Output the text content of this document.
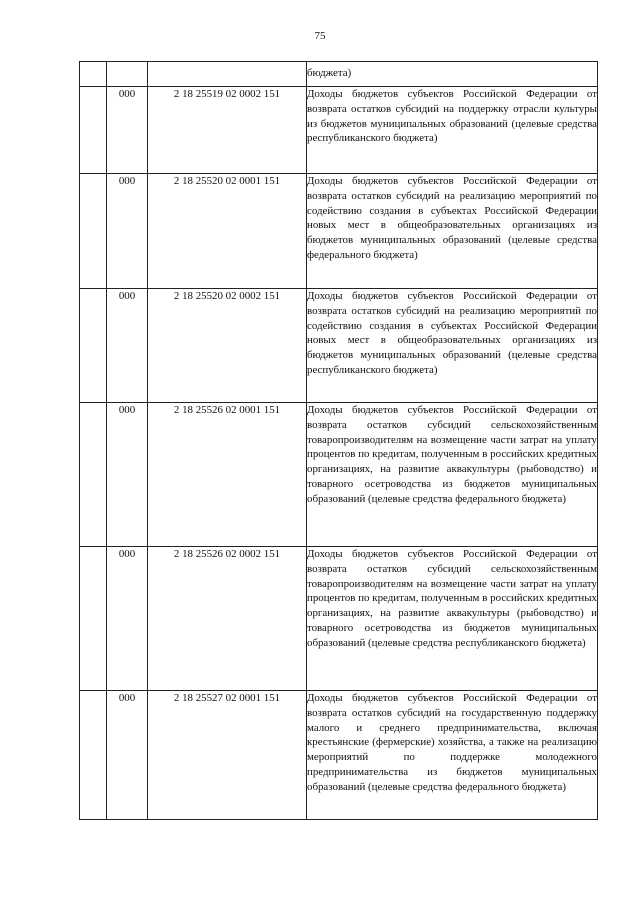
75
			бюджета)
	000	2 18 25519 02 0002 151	Доходы бюджетов субъектов Российской Федерации от возврата остатков субсидий на поддержку отрасли культуры из бюджетов муниципальных образований (целевые средства республиканского бюджета)
	000	2 18 25520 02 0001 151	Доходы бюджетов субъектов Российской Федерации от возврата остатков субсидий на реализацию мероприятий по содействию создания в субъектах Российской Федерации новых мест в общеобразовательных организациях из бюджетов муниципальных образований (целевые средства федерального бюджета)
	000	2 18 25520 02 0002 151	Доходы бюджетов субъектов Российской Федерации от возврата остатков субсидий на реализацию мероприятий по содействию создания в субъектах Российской Федерации новых мест в общеобразовательных организациях из бюджетов муниципальных образований (целевые средства республиканского бюджета)
	000	2 18 25526 02 0001 151	Доходы бюджетов субъектов Российской Федерации от возврата остатков субсидий сельскохозяйственным товаропроизводителям на возмещение части затрат на уплату процентов по кредитам, полученным в российских кредитных организациях, на развитие аквакультуры (рыбоводство) и товарного осетроводства из бюджетов муниципальных образований (целевые средства федерального бюджета)
	000	2 18 25526 02 0002 151	Доходы бюджетов субъектов Российской Федерации от возврата остатков субсидий сельскохозяйственным товаропроизводителям на возмещение части затрат на уплату процентов по кредитам, полученным в российских кредитных организациях, на развитие аквакультуры (рыбоводство) и товарного осетроводства из бюджетов муниципальных образований (целевые средства республиканского бюджета)
	000	2 18 25527 02 0001 151	Доходы бюджетов субъектов Российской Федерации от возврата остатков субсидий на государственную поддержку малого и среднего предпринимательства, включая крестьянские (фермерские) хозяйства, а также на реализацию мероприятий по поддержке молодежного предпринимательства из бюджетов муниципальных образований (целевые средства федерального бюджета)
